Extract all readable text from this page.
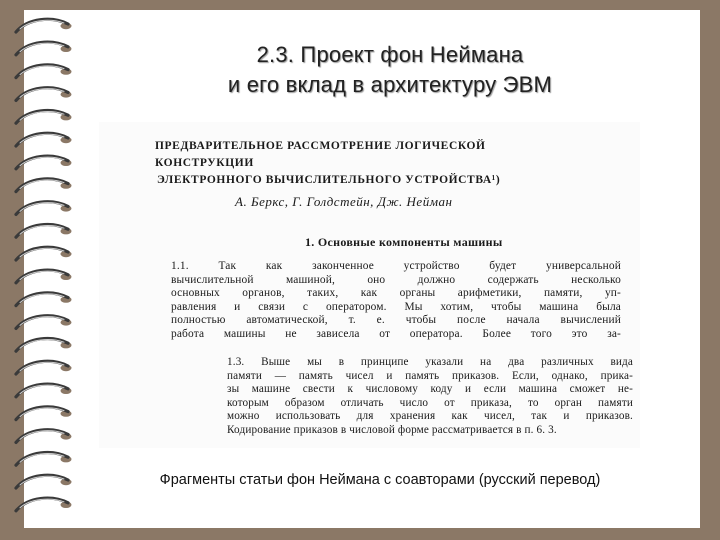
2.3. Проект фон Неймана
и его вклад в архитектуру ЭВМ
ПРЕДВАРИТЕЛЬНОЕ РАССМОТРЕНИЕ ЛОГИЧЕСКОЙ КОНСТРУКЦИИ
ЭЛЕКТРОННОГО ВЫЧИСЛИТЕЛЬНОГО УСТРОЙСТВА¹)
А. Беркс, Г. Голдстейн, Дж. Нейман
1. Основные компоненты машины
1.1. Так как законченное устройство будет универсальной
вычислительной машиной, оно должно содержать несколько
основных органов, таких, как органы арифметики, памяти, уп-
равления и связи с оператором. Мы хотим, чтобы машина была
полностью автоматической, т. е. чтобы после начала вычислений
работа машины не зависела от оператора. Более того это за-
1.3. Выше мы в принципе указали на два различных вида
памяти — память чисел и память приказов. Если, однако, прика-
зы машине свести к числовому коду и если машина сможет не-
которым образом отличать число от приказа, то орган памяти
можно использовать для хранения как чисел, так и приказов.
Кодирование приказов в числовой форме рассматривается в п. 6. 3.
Фрагменты статьи фон Неймана с соавторами (русский перевод)
